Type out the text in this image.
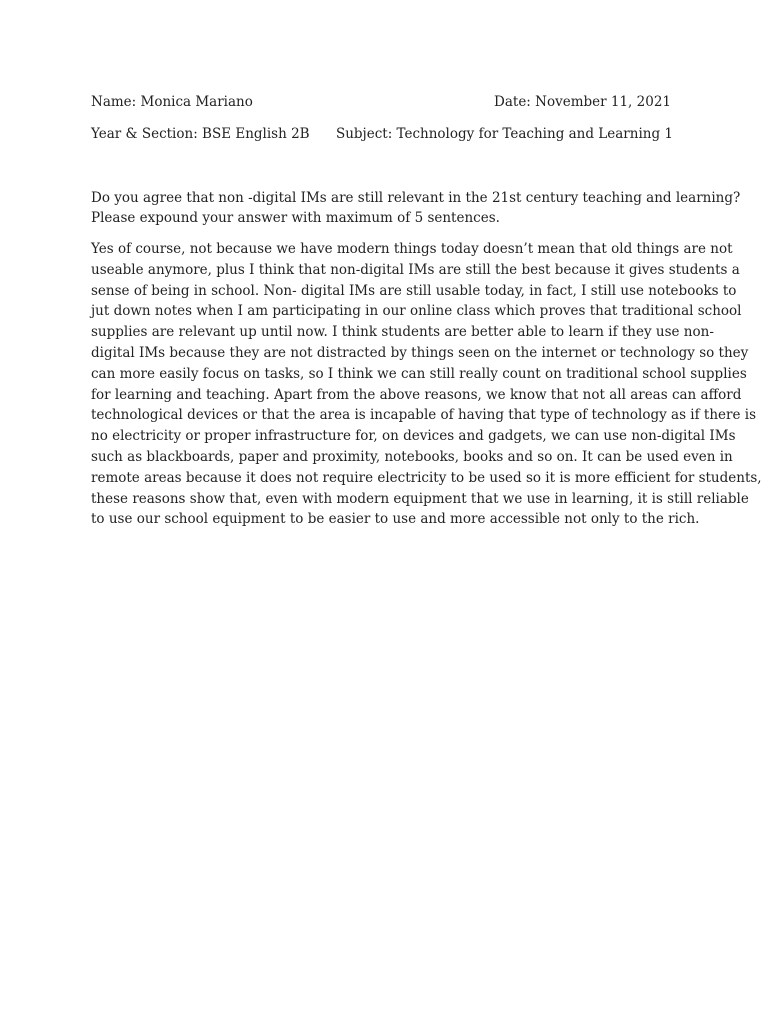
Name: Monica Mariano	Date: November 11, 2021
Year & Section: BSE English 2B Subject: Technology for Teaching and Learning 1
Do you agree that non -digital IMs are still relevant in the 21st century teaching and learning?
Please expound your answer with maximum of 5 sentences.
Yes of course, not because we have modern things today doesn’t mean that old things are not
useable anymore, plus I think that non-digital IMs are still the best because it gives students a
sense of being in school. Non- digital IMs are still usable today, in fact, I still use notebooks to
jut down notes when I am participating in our online class which proves that traditional school
supplies are relevant up until now. I think students are better able to learn if they use non-
digital IMs because they are not distracted by things seen on the internet or technology so they
can more easily focus on tasks, so I think we can still really count on traditional school supplies
for learning and teaching. Apart from the above reasons, we know that not all areas can afford
technological devices or that the area is incapable of having that type of technology as if there is
no electricity or proper infrastructure for, on devices and gadgets, we can use non-digital IMs
such as blackboards, paper and proximity, notebooks, books and so on. It can be used even in
remote areas because it does not require electricity to be used so it is more efficient for students,
these reasons show that, even with modern equipment that we use in learning, it is still reliable
to use our school equipment to be easier to use and more accessible not only to the rich.
